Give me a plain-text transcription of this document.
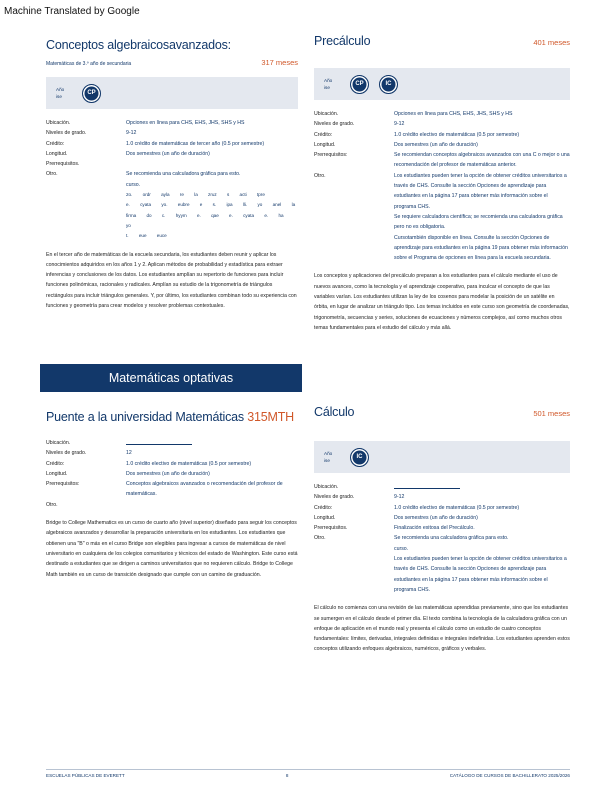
Machine Translated by Google
Conceptos algebraicosavanzados:
Matemáticas de 3.º año de secundaria	317 meses
Año
ise
CP
Ubicación.	Opciones en línea para CHS, EHS, JHS, SHS y HS
Niveles de grado.	9-12
Crédito:	1.0 crédito de matemáticas de tercer año (0.5 por semestre)
Longitud.	Dos semestres (un año de duración)
Prerrequisitos.
Otro.	Se recomienda una calculadora gráfica para esto.
curso.
2o. ordr ayla re la zruz s acti tpre
e. cyata yo. eubre e s. ipa lli. yo anel la
firma do c. hyym e. qae e. cyata e. ha yo
t. eue euce
En el tercer año de matemáticas de la escuela secundaria, los estudiantes deben reunir y aplicar los conocimientos adquiridos en los años 1 y 2. Aplican métodos de probabilidad y estadística para extraer inferencias y conclusiones de los datos. Los estudiantes amplían su repertorio de funciones para incluir funciones polinómicas, racionales y radicales. Amplían su estudio de la trigonometría de triángulos rectángulos para incluir triángulos generales. Y, por último, los estudiantes combinan todo su experiencia con funciones y geometría para crear modelos y resolver problemas contextuales.
Matemáticas optativas
Puente a la universidad Matemáticas 315MTH
Ubicación.
Niveles de grado.	12
Crédito:	1.0 crédito electivo de matemáticas (0.5 por semestre)
Longitud.	Dos semestres (un año de duración)
Prerrequisitos:	Conceptos algebraicos avanzados o recomendación del profesor de matemáticas.
Otro.
Bridge to College Mathematics es un curso de cuarto año (nivel superior) diseñado para seguir los conceptos algebraicos avanzados y desarrollar la preparación universitaria en los estudiantes. Los estudiantes que obtienen una "B" o más en el curso Bridge son elegibles para ingresar a cursos de matemáticas de nivel universitario en cualquiera de los colegios comunitarios y técnicos del estado de Washington. Este curso está destinado a estudiantes que se dirigen a caminos universitarios que no requieren cálculo. Bridge to College Math también es un curso de transición designado que cumple con un camino de graduación.
Precálculo	401 meses
Año
ise
CP	IC
Ubicación.	Opciones en línea para CHS, EHS, JHS, SHS y HS
Niveles de grado.	9-12
Crédito:	1.0 crédito electivo de matemáticas (0.5 por semestre)
Longitud.	Dos semestres (un año de duración)
Prerrequisitos:	Se recomiendan conceptos algebraicos avanzados con una C o mejor o una recomendación del profesor de matemáticas anterior.
Otro.	Los estudiantes pueden tener la opción de obtener créditos universitarios a través de CHS. Consulte la sección Opciones de aprendizaje para estudiantes en la página 17 para obtener más información sobre el programa CHS.
Se requiere calculadora científica; se recomienda una calculadora gráfica pero no es obligatoria.
Cursotambién disponible en línea. Consulte la sección Opciones de aprendizaje para estudiantes en la página 19 para obtener más información sobre el Programa de opciones en línea para la escuela secundaria.
Los conceptos y aplicaciones del precálculo preparan a los estudiantes para el cálculo mediante el uso de nuevos avances, como la tecnología y el aprendizaje cooperativo, para inculcar el concepto de que las variables varían. Los estudiantes utilizan la ley de los cosenos para modelar la posición de un satélite en órbita, en lugar de analizar un triángulo tipo. Los temas incluidos en este curso son geometría de coordenadas, trigonometría, secuencias y series, soluciones de ecuaciones y números complejos, así como muchos otros temas fundamentales para el estudio del cálculo y más allá.
Cálculo	501 meses
Año
ise
IC
Ubicación.
Niveles de grado.	9-12
Crédito:	1.0 crédito electivo de matemáticas (0.5 por semestre)
Longitud.	Dos semestres (un año de duración)
Prerrequisitos.	Finalización exitosa del Precálculo.
Otro.	Se recomienda una calculadora gráfica para esto.
curso.
Los estudiantes pueden tener la opción de obtener créditos universitarios a través de CHS. Consulte la sección Opciones de aprendizaje para estudiantes en la página 17 para obtener más información sobre el programa CHS.
El cálculo no comienza con una revisión de las matemáticas aprendidas previamente, sino que los estudiantes se sumergen en el cálculo desde el primer día. El texto combina la tecnología de la calculadora gráfica con un enfoque de aplicación en el mundo real y presenta el cálculo como un estudio de cuatro conceptos fundamentales: límites, derivadas, integrales definidas e integrales indefinidas. Los estudiantes aprenden estos conceptos utilizando enfoques algebraicos, numéricos, gráficos y verbales.
ESCUELAS PÚBLICAS DE EVERETT	8	CATÁLOGO DE CURSOS DE BACHILLERATO 2025/2026
